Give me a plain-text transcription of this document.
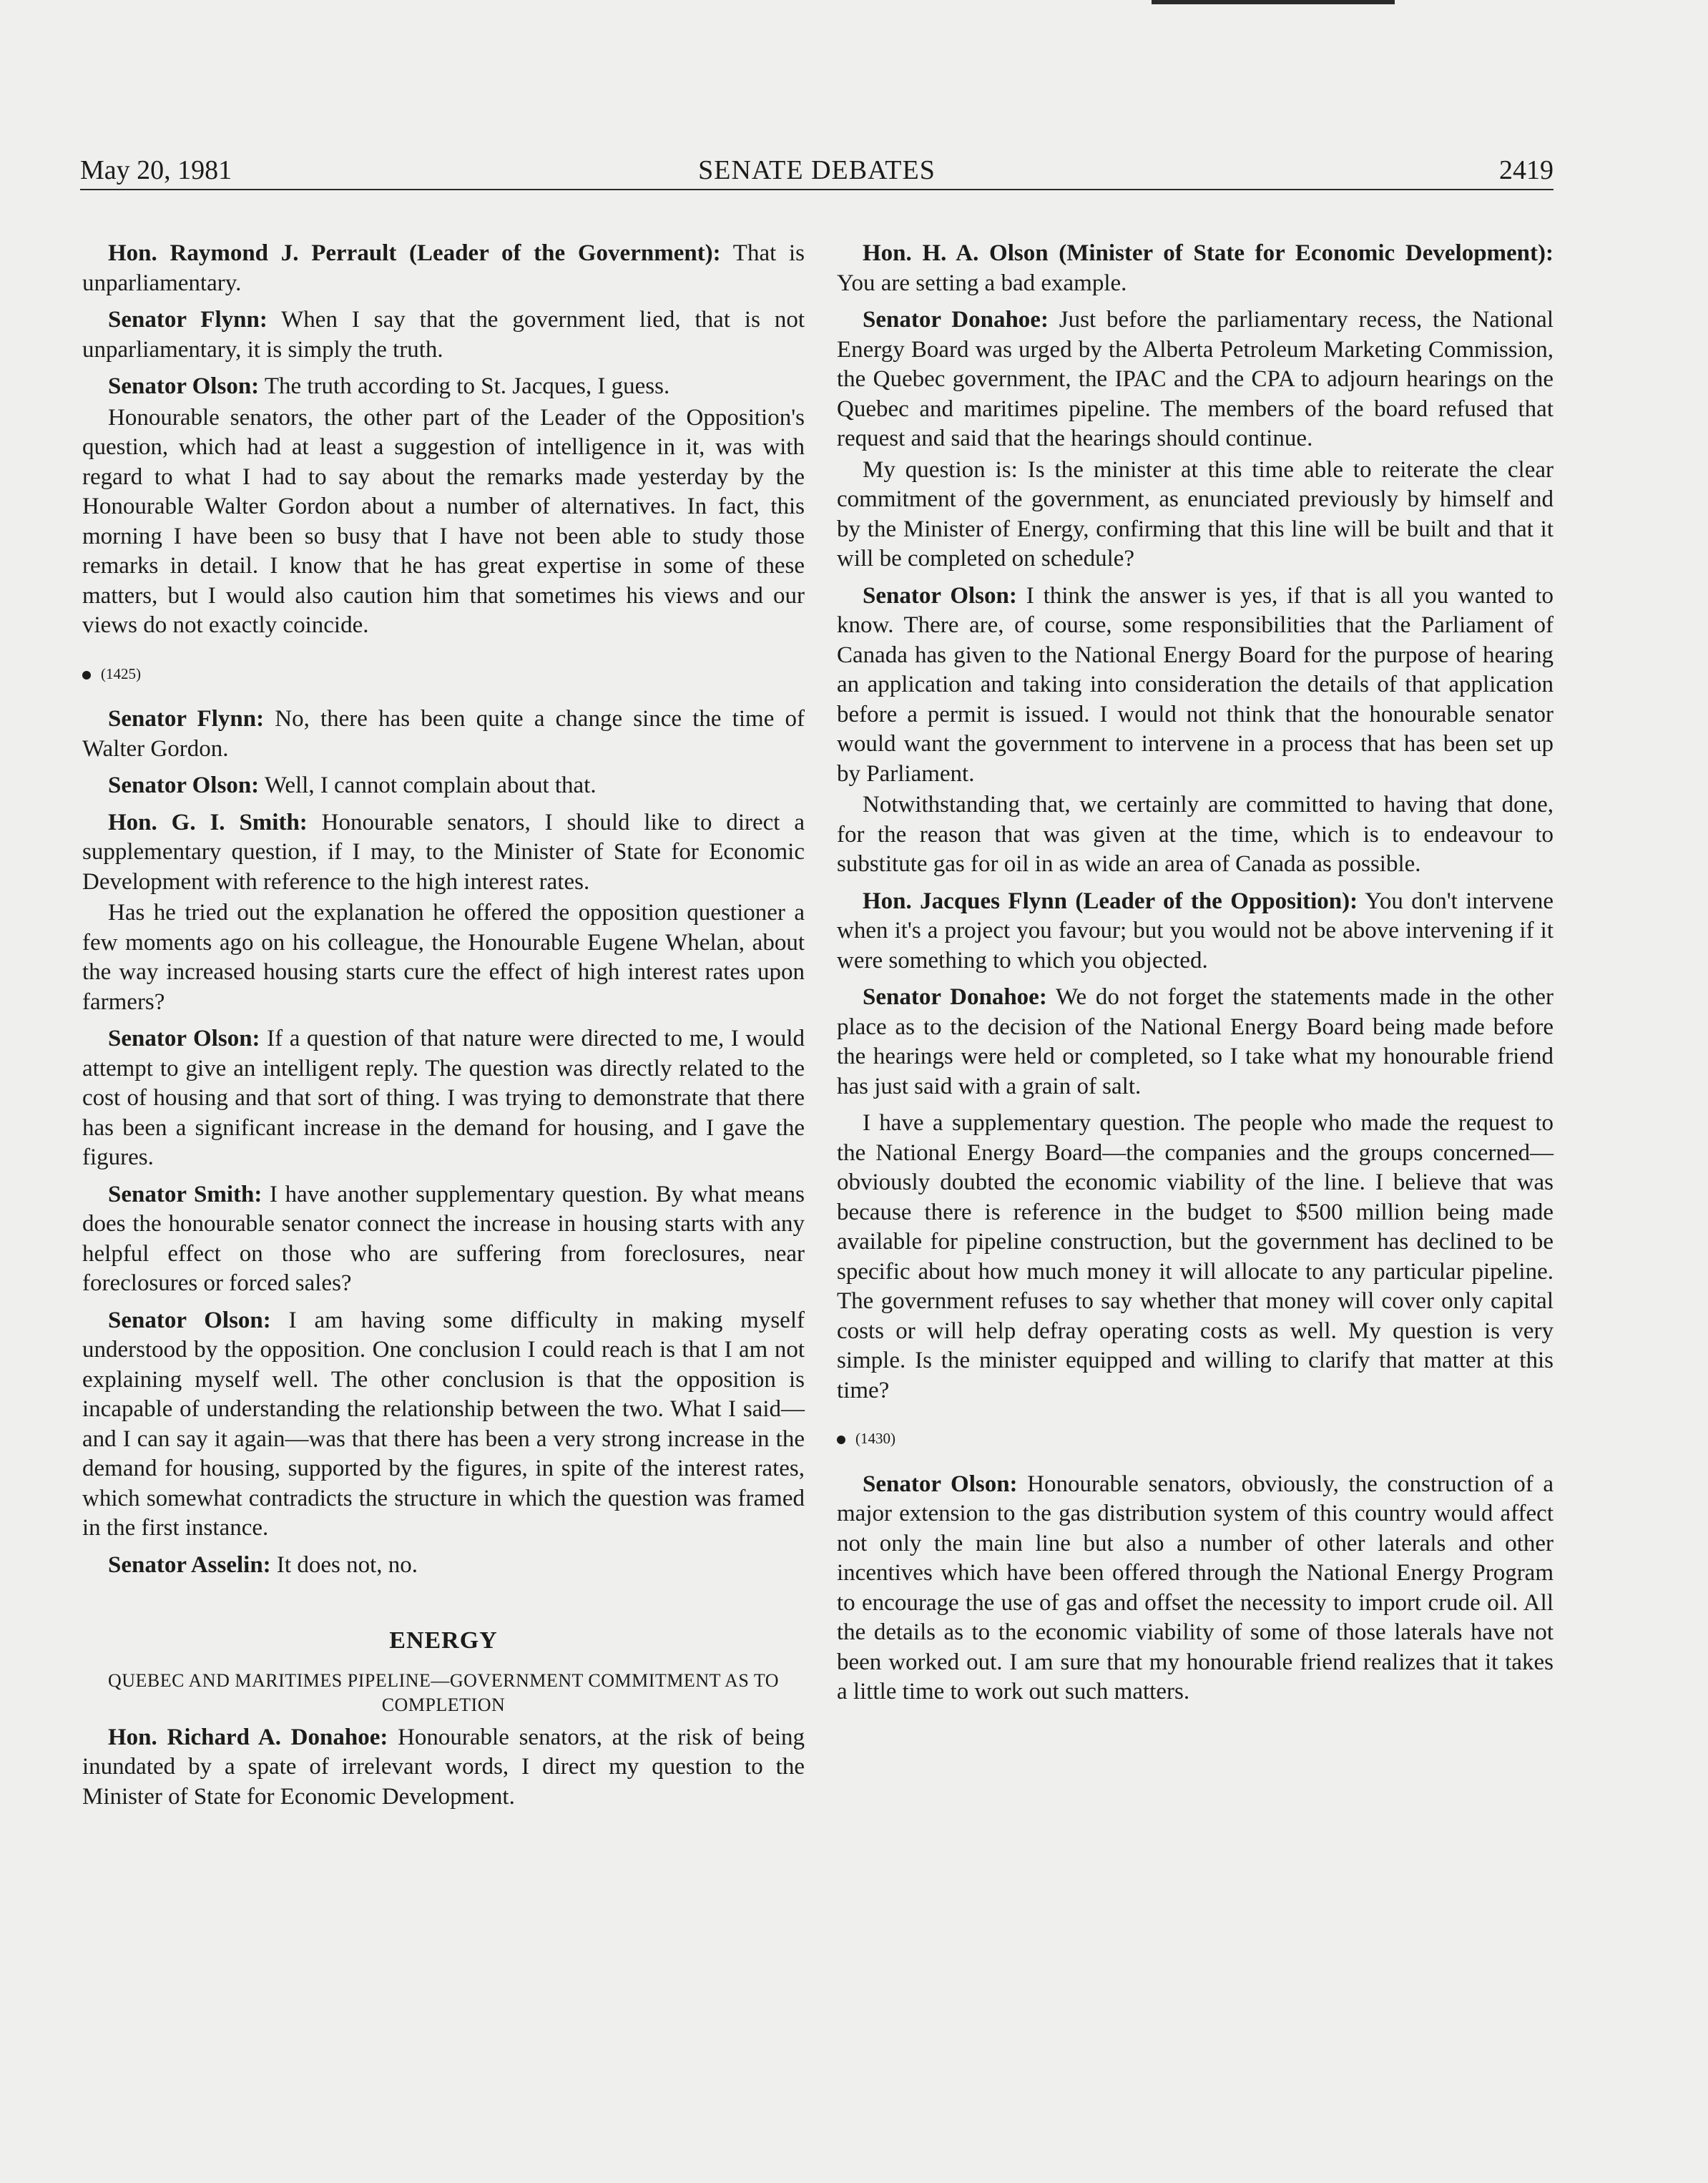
May 20, 1981	SENATE DEBATES	2419

Hon. Raymond J. Perrault (Leader of the Government): That is unparliamentary.

Senator Flynn: When I say that the government lied, that is not unparliamentary, it is simply the truth.

Senator Olson: The truth according to St. Jacques, I guess.

Honourable senators, the other part of the Leader of the Opposition's question, which had at least a suggestion of intelligence in it, was with regard to what I had to say about the remarks made yesterday by the Honourable Walter Gordon about a number of alternatives. In fact, this morning I have been so busy that I have not been able to study those remarks in detail. I know that he has great expertise in some of these matters, but I would also caution him that sometimes his views and our views do not exactly coincide.

(1425)

Senator Flynn: No, there has been quite a change since the time of Walter Gordon.

Senator Olson: Well, I cannot complain about that.

Hon. G. I. Smith: Honourable senators, I should like to direct a supplementary question, if I may, to the Minister of State for Economic Development with reference to the high interest rates.

Has he tried out the explanation he offered the opposition questioner a few moments ago on his colleague, the Honourable Eugene Whelan, about the way increased housing starts cure the effect of high interest rates upon farmers?

Senator Olson: If a question of that nature were directed to me, I would attempt to give an intelligent reply. The question was directly related to the cost of housing and that sort of thing. I was trying to demonstrate that there has been a significant increase in the demand for housing, and I gave the figures.

Senator Smith: I have another supplementary question. By what means does the honourable senator connect the increase in housing starts with any helpful effect on those who are suffering from foreclosures, near foreclosures or forced sales?

Senator Olson: I am having some difficulty in making myself understood by the opposition. One conclusion I could reach is that I am not explaining myself well. The other conclusion is that the opposition is incapable of understanding the relationship between the two. What I said—and I can say it again—was that there has been a very strong increase in the demand for housing, supported by the figures, in spite of the interest rates, which somewhat contradicts the structure in which the question was framed in the first instance.

Senator Asselin: It does not, no.

ENERGY
QUEBEC AND MARITIMES PIPELINE—GOVERNMENT COMMITMENT AS TO COMPLETION

Hon. Richard A. Donahoe: Honourable senators, at the risk of being inundated by a spate of irrelevant words, I direct my question to the Minister of State for Economic Development.

Hon. H. A. Olson (Minister of State for Economic Development): You are setting a bad example.

Senator Donahoe: Just before the parliamentary recess, the National Energy Board was urged by the Alberta Petroleum Marketing Commission, the Quebec government, the IPAC and the CPA to adjourn hearings on the Quebec and maritimes pipeline. The members of the board refused that request and said that the hearings should continue.

My question is: Is the minister at this time able to reiterate the clear commitment of the government, as enunciated previously by himself and by the Minister of Energy, confirming that this line will be built and that it will be completed on schedule?

Senator Olson: I think the answer is yes, if that is all you wanted to know. There are, of course, some responsibilities that the Parliament of Canada has given to the National Energy Board for the purpose of hearing an application and taking into consideration the details of that application before a permit is issued. I would not think that the honourable senator would want the government to intervene in a process that has been set up by Parliament.

Notwithstanding that, we certainly are committed to having that done, for the reason that was given at the time, which is to endeavour to substitute gas for oil in as wide an area of Canada as possible.

Hon. Jacques Flynn (Leader of the Opposition): You don't intervene when it's a project you favour; but you would not be above intervening if it were something to which you objected.

Senator Donahoe: We do not forget the statements made in the other place as to the decision of the National Energy Board being made before the hearings were held or completed, so I take what my honourable friend has just said with a grain of salt.

I have a supplementary question. The people who made the request to the National Energy Board—the companies and the groups concerned—obviously doubted the economic viability of the line. I believe that was because there is reference in the budget to $500 million being made available for pipeline construction, but the government has declined to be specific about how much money it will allocate to any particular pipeline. The government refuses to say whether that money will cover only capital costs or will help defray operating costs as well. My question is very simple. Is the minister equipped and willing to clarify that matter at this time?

(1430)

Senator Olson: Honourable senators, obviously, the construction of a major extension to the gas distribution system of this country would affect not only the main line but also a number of other laterals and other incentives which have been offered through the National Energy Program to encourage the use of gas and offset the necessity to import crude oil. All the details as to the economic viability of some of those laterals have not been worked out. I am sure that my honourable friend realizes that it takes a little time to work out such matters.
